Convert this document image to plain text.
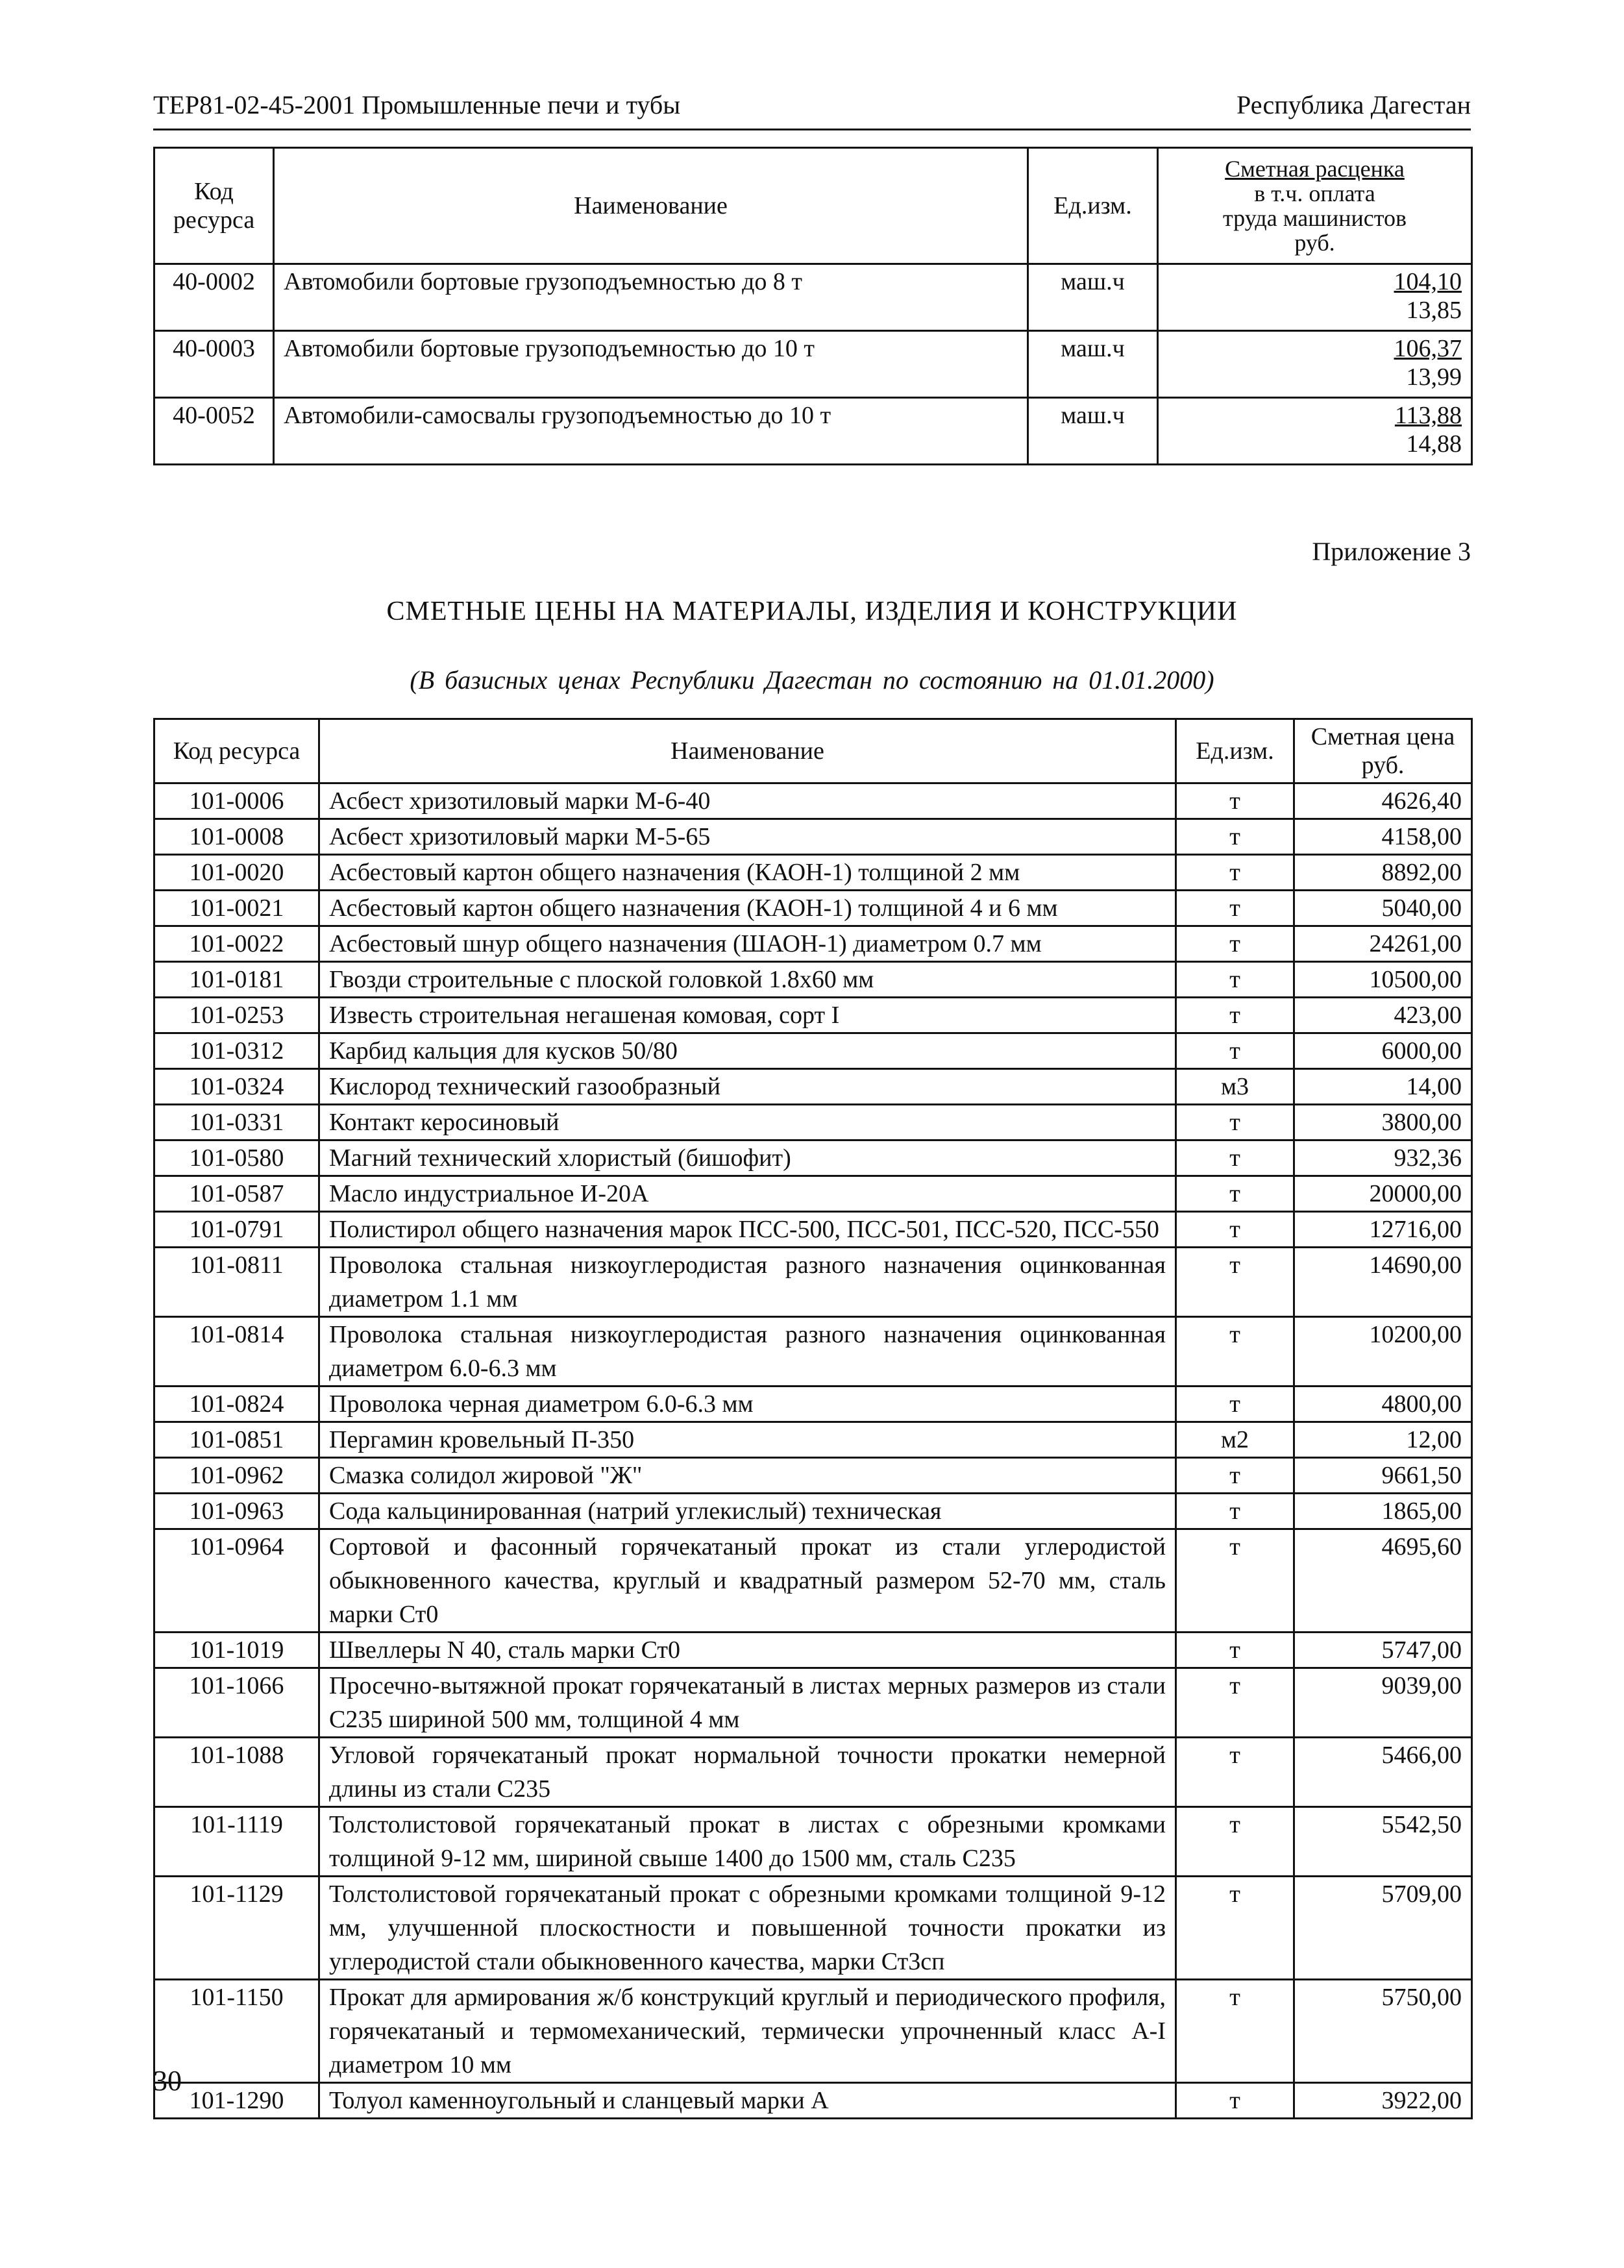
ТЕР81-02-45-2001 Промышленные печи и тубы	Республика Дагестан
Код ресурса	Наименование	Ед.изм.	Сметная расценка
в т.ч. оплата
труда машинистов
руб.

40-0002	Автомобили бортовые грузоподъемностью до 8 т	маш.ч	104,10
13,85

40-0003	Автомобили бортовые грузоподъемностью до 10 т	маш.ч	106,37
13,99

40-0052	Автомобили-самосвалы грузоподъемностью до 10 т	маш.ч	113,88
14,88
Приложение 3
СМЕТНЫЕ ЦЕНЫ НА МАТЕРИАЛЫ, ИЗДЕЛИЯ И КОНСТРУКЦИИ
(В базисных ценах Республики Дагестан по состоянию на 01.01.2000)
Код ресурса	Наименование	Ед.изм.	Сметная цена
руб.

101-0006	Асбест хризотиловый марки М-6-40	т	4626,40
101-0008	Асбест хризотиловый марки М-5-65	т	4158,00
101-0020	Асбестовый картон общего назначения (КАОН-1) толщиной 2 мм	т	8892,00
101-0021	Асбестовый картон общего назначения (КАОН-1) толщиной 4 и 6 мм	т	5040,00
101-0022	Асбестовый шнур общего назначения (ШАОН-1) диаметром 0.7 мм	т	24261,00
101-0181	Гвозди строительные с плоской головкой 1.8х60 мм	т	10500,00
101-0253	Известь строительная негашеная комовая, сорт I	т	423,00
101-0312	Карбид кальция для кусков 50/80	т	6000,00
101-0324	Кислород технический газообразный	м3	14,00
101-0331	Контакт керосиновый	т	3800,00
101-0580	Магний технический хлористый (бишофит)	т	932,36
101-0587	Масло индустриальное И-20А	т	20000,00
101-0791	Полистирол общего назначения марок ПСС-500, ПСС-501, ПСС-520, ПСС-550	т	12716,00
101-0811	Проволока стальная низкоуглеродистая разного назначения оцинкованная диаметром 1.1 мм	т	14690,00
101-0814	Проволока стальная низкоуглеродистая разного назначения оцинкованная диаметром 6.0-6.3 мм	т	10200,00
101-0824	Проволока черная диаметром 6.0-6.3 мм	т	4800,00
101-0851	Пергамин кровельный П-350	м2	12,00
101-0962	Смазка солидол жировой "Ж"	т	9661,50
101-0963	Сода кальцинированная (натрий углекислый) техническая	т	1865,00
101-0964	Сортовой и фасонный горячекатаный прокат из стали углеродистой обыкновенного качества, круглый и квадратный размером 52-70 мм, сталь марки Ст0	т	4695,60
101-1019	Швеллеры N 40, сталь марки Ст0	т	5747,00
101-1066	Просечно-вытяжной прокат горячекатаный в листах мерных размеров из стали С235 шириной 500 мм, толщиной 4 мм	т	9039,00
101-1088	Угловой горячекатаный прокат нормальной точности прокатки немерной длины из стали С235	т	5466,00
101-1119	Толстолистовой горячекатаный прокат в листах с обрезными кромками толщиной 9-12 мм, шириной свыше 1400 до 1500 мм, сталь С235	т	5542,50
101-1129	Толстолистовой горячекатаный прокат с обрезными кромками толщиной 9-12 мм, улучшенной плоскостности и повышенной точности прокатки из углеродистой стали обыкновенного качества, марки Ст3сп	т	5709,00
101-1150	Прокат для армирования ж/б конструкций круглый и периодического профиля, горячекатаный и термомеханический, термически упрочненный класс А-I диаметром 10 мм	т	5750,00
101-1290	Толуол каменноугольный и сланцевый марки А	т	3922,00
30
